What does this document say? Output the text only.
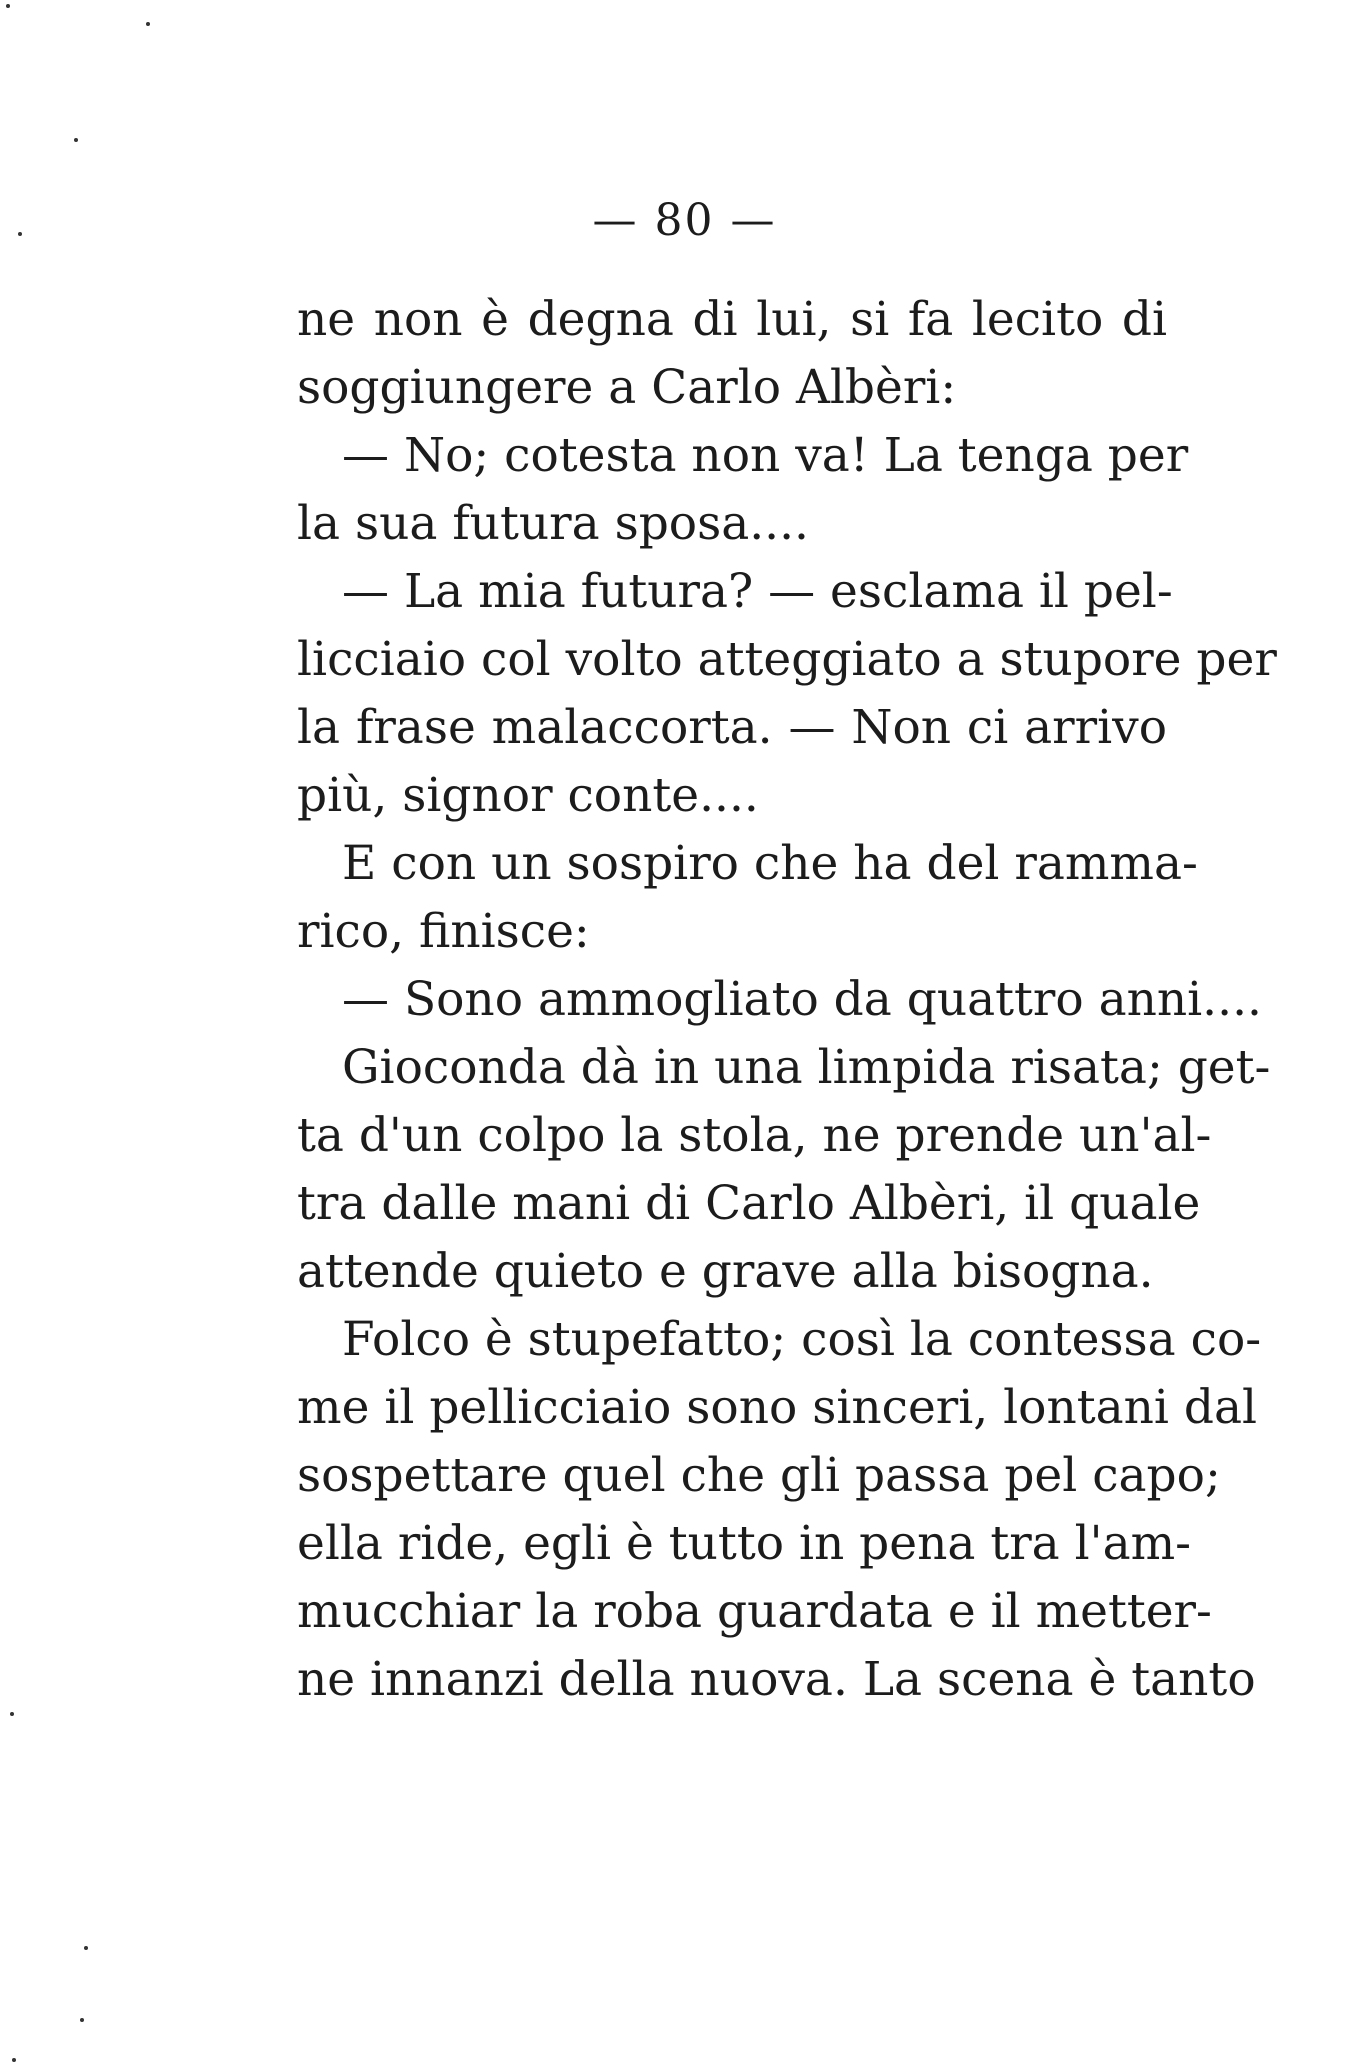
— 80 —
ne non è degna di lui, si fa lecito di
soggiungere a Carlo Albèri:
— No; cotesta non va! La tenga per
la sua futura sposa....
— La mia futura? — esclama il pel-
licciaio col volto atteggiato a stupore per
la frase malaccorta. — Non ci arrivo
più, signor conte....
E con un sospiro che ha del ramma-
rico, finisce:
— Sono ammogliato da quattro anni....
Gioconda dà in una limpida risata; get-
ta d'un colpo la stola, ne prende un'al-
tra dalle mani di Carlo Albèri, il quale
attende quieto e grave alla bisogna.
Folco è stupefatto; così la contessa co-
me il pellicciaio sono sinceri, lontani dal
sospettare quel che gli passa pel capo;
ella ride, egli è tutto in pena tra l'am-
mucchiar la roba guardata e il metter-
ne innanzi della nuova. La scena è tanto
